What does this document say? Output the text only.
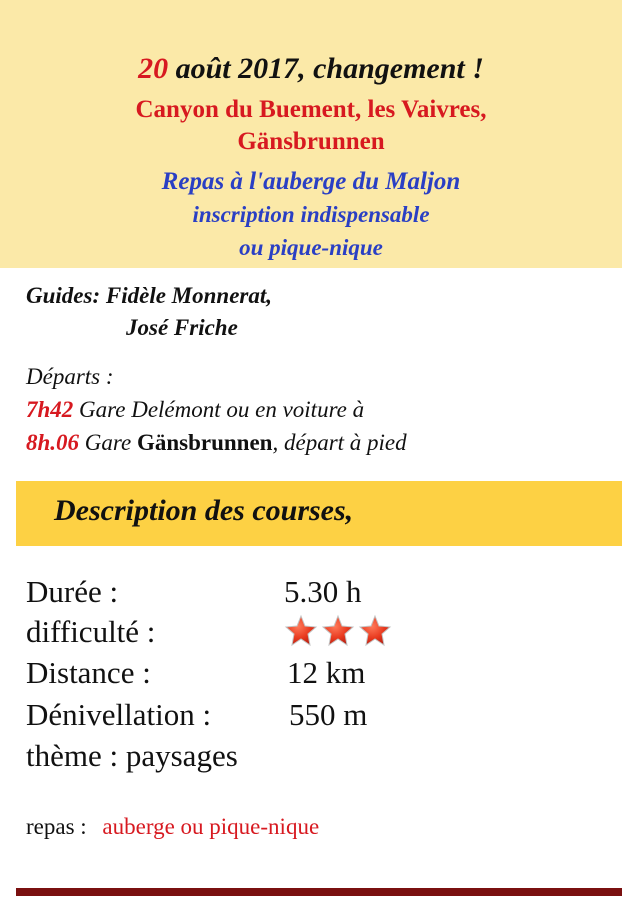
20 août 2017, changement !
Canyon du Buement, les Vaivres,
Gänsbrunnen
Repas à l'auberge du Maljon
inscription indispensable
ou pique-nique
Guides: Fidèle Monnerat,
José Friche
Départs :
7h42 Gare Delémont ou en voiture à
8h.06 Gare Gänsbrunnen, départ à pied
Description des courses,
Durée :	5.30 h
difficulté :
Distance :	12 km
Dénivellation :	550 m
thème : paysages
repas : auberge ou pique-nique
